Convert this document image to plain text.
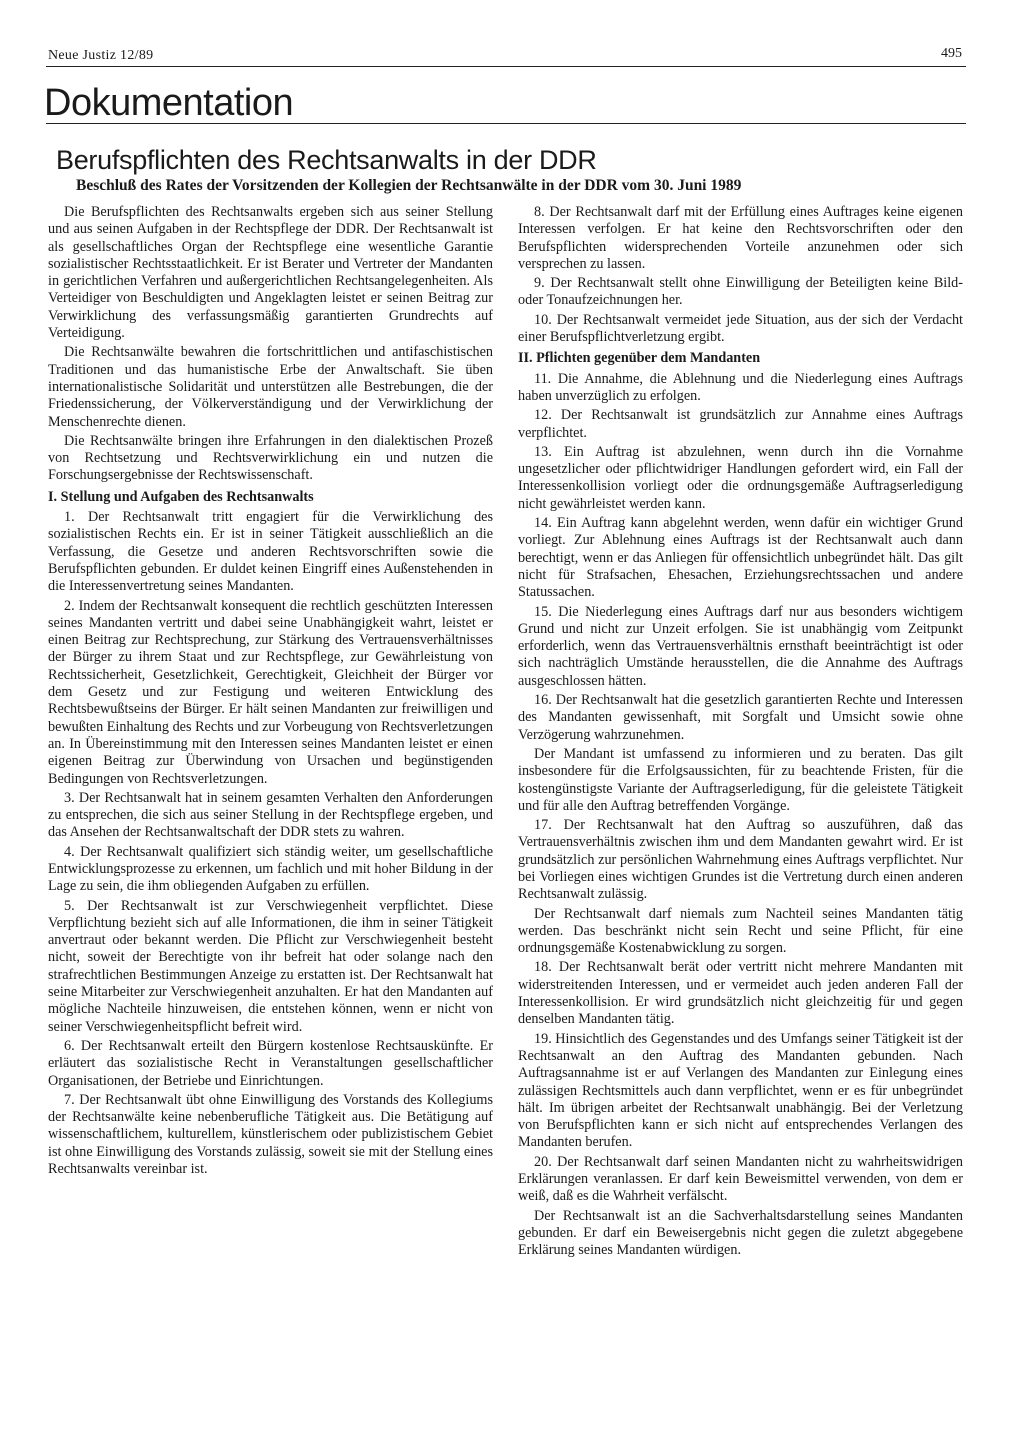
Neue Justiz 12/89	495
Dokumentation
Berufspflichten des Rechtsanwalts in der DDR
Beschluß des Rates der Vorsitzenden der Kollegien der Rechtsanwälte in der DDR vom 30. Juni 1989

Die Berufspflichten des Rechtsanwalts ergeben sich aus seiner Stellung und aus seinen Aufgaben in der Rechtspflege der DDR. Der Rechtsanwalt ist als gesellschaftliches Organ der Rechtspflege eine wesentliche Garantie sozialistischer Rechtsstaatlichkeit. Er ist Berater und Vertreter der Mandanten in gerichtlichen Verfahren und außergerichtlichen Rechtsangelegenheiten. Als Verteidiger von Beschuldigten und Angeklagten leistet er seinen Beitrag zur Verwirklichung des verfassungsmäßig garantierten Grundrechts auf Verteidigung.

Die Rechtsanwälte bewahren die fortschrittlichen und antifaschistischen Traditionen und das humanistische Erbe der Anwaltschaft. Sie üben internationalistische Solidarität und unterstützen alle Bestrebungen, die der Friedenssicherung, der Völkerverständigung und der Verwirklichung der Menschenrechte dienen.

Die Rechtsanwälte bringen ihre Erfahrungen in den dialektischen Prozeß von Rechtsetzung und Rechtsverwirklichung ein und nutzen die Forschungsergebnisse der Rechtswissenschaft.

I. Stellung und Aufgaben des Rechtsanwalts

1. Der Rechtsanwalt tritt engagiert für die Verwirklichung des sozialistischen Rechts ein. Er ist in seiner Tätigkeit ausschließlich an die Verfassung, die Gesetze und anderen Rechtsvorschriften sowie die Berufspflichten gebunden. Er duldet keinen Eingriff eines Außenstehenden in die Interessenvertretung seines Mandanten.

2. Indem der Rechtsanwalt konsequent die rechtlich geschützten Interessen seines Mandanten vertritt und dabei seine Unabhängigkeit wahrt, leistet er einen Beitrag zur Rechtsprechung, zur Stärkung des Vertrauensverhältnisses der Bürger zu ihrem Staat und zur Rechtspflege, zur Gewährleistung von Rechtssicherheit, Gesetzlichkeit, Gerechtigkeit, Gleichheit der Bürger vor dem Gesetz und zur Festigung und weiteren Entwicklung des Rechtsbewußtseins der Bürger. Er hält seinen Mandanten zur freiwilligen und bewußten Einhaltung des Rechts und zur Vorbeugung von Rechtsverletzungen an. In Übereinstimmung mit den Interessen seines Mandanten leistet er einen eigenen Beitrag zur Überwindung von Ursachen und begünstigenden Bedingungen von Rechtsverletzungen.

3. Der Rechtsanwalt hat in seinem gesamten Verhalten den Anforderungen zu entsprechen, die sich aus seiner Stellung in der Rechtspflege ergeben, und das Ansehen der Rechtsanwaltschaft der DDR stets zu wahren.

4. Der Rechtsanwalt qualifiziert sich ständig weiter, um gesellschaftliche Entwicklungsprozesse zu erkennen, um fachlich und mit hoher Bildung in der Lage zu sein, die ihm obliegenden Aufgaben zu erfüllen.

5. Der Rechtsanwalt ist zur Verschwiegenheit verpflichtet. Diese Verpflichtung bezieht sich auf alle Informationen, die ihm in seiner Tätigkeit anvertraut oder bekannt werden. Die Pflicht zur Verschwiegenheit besteht nicht, soweit der Berechtigte von ihr befreit hat oder solange nach den strafrechtlichen Bestimmungen Anzeige zu erstatten ist. Der Rechtsanwalt hat seine Mitarbeiter zur Verschwiegenheit anzuhalten. Er hat den Mandanten auf mögliche Nachteile hinzuweisen, die entstehen können, wenn er nicht von seiner Verschwiegenheitspflicht befreit wird.

6. Der Rechtsanwalt erteilt den Bürgern kostenlose Rechtsauskünfte. Er erläutert das sozialistische Recht in Veranstaltungen gesellschaftlicher Organisationen, der Betriebe und Einrichtungen.

7. Der Rechtsanwalt übt ohne Einwilligung des Vorstands des Kollegiums der Rechtsanwälte keine nebenberufliche Tätigkeit aus. Die Betätigung auf wissenschaftlichem, kulturellem, künstlerischem oder publizistischem Gebiet ist ohne Einwilligung des Vorstands zulässig, soweit sie mit der Stellung eines Rechtsanwalts vereinbar ist.

8. Der Rechtsanwalt darf mit der Erfüllung eines Auftrages keine eigenen Interessen verfolgen. Er hat keine den Rechtsvorschriften oder den Berufspflichten widersprechenden Vorteile anzunehmen oder sich versprechen zu lassen.

9. Der Rechtsanwalt stellt ohne Einwilligung der Beteiligten keine Bild- oder Tonaufzeichnungen her.

10. Der Rechtsanwalt vermeidet jede Situation, aus der sich der Verdacht einer Berufspflichtverletzung ergibt.

II. Pflichten gegenüber dem Mandanten

11. Die Annahme, die Ablehnung und die Niederlegung eines Auftrags haben unverzüglich zu erfolgen.

12. Der Rechtsanwalt ist grundsätzlich zur Annahme eines Auftrags verpflichtet.

13. Ein Auftrag ist abzulehnen, wenn durch ihn die Vornahme ungesetzlicher oder pflichtwidriger Handlungen gefordert wird, ein Fall der Interessenkollision vorliegt oder die ordnungsgemäße Auftragserledigung nicht gewährleistet werden kann.

14. Ein Auftrag kann abgelehnt werden, wenn dafür ein wichtiger Grund vorliegt. Zur Ablehnung eines Auftrags ist der Rechtsanwalt auch dann berechtigt, wenn er das Anliegen für offensichtlich unbegründet hält. Das gilt nicht für Strafsachen, Ehesachen, Erziehungsrechtssachen und andere Statussachen.

15. Die Niederlegung eines Auftrags darf nur aus besonders wichtigem Grund und nicht zur Unzeit erfolgen. Sie ist unabhängig vom Zeitpunkt erforderlich, wenn das Vertrauensverhältnis ernsthaft beeinträchtigt ist oder sich nachträglich Umstände herausstellen, die die Annahme des Auftrags ausgeschlossen hätten.

16. Der Rechtsanwalt hat die gesetzlich garantierten Rechte und Interessen des Mandanten gewissenhaft, mit Sorgfalt und Umsicht sowie ohne Verzögerung wahrzunehmen.

Der Mandant ist umfassend zu informieren und zu beraten. Das gilt insbesondere für die Erfolgsaussichten, für zu beachtende Fristen, für die kostengünstigste Variante der Auftragserledigung, für die geleistete Tätigkeit und für alle den Auftrag betreffenden Vorgänge.

17. Der Rechtsanwalt hat den Auftrag so auszuführen, daß das Vertrauensverhältnis zwischen ihm und dem Mandanten gewahrt wird. Er ist grundsätzlich zur persönlichen Wahrnehmung eines Auftrags verpflichtet. Nur bei Vorliegen eines wichtigen Grundes ist die Vertretung durch einen anderen Rechtsanwalt zulässig.

Der Rechtsanwalt darf niemals zum Nachteil seines Mandanten tätig werden. Das beschränkt nicht sein Recht und seine Pflicht, für eine ordnungsgemäße Kostenabwicklung zu sorgen.

18. Der Rechtsanwalt berät oder vertritt nicht mehrere Mandanten mit widerstreitenden Interessen, und er vermeidet auch jeden anderen Fall der Interessenkollision. Er wird grundsätzlich nicht gleichzeitig für und gegen denselben Mandanten tätig.

19. Hinsichtlich des Gegenstandes und des Umfangs seiner Tätigkeit ist der Rechtsanwalt an den Auftrag des Mandanten gebunden. Nach Auftragsannahme ist er auf Verlangen des Mandanten zur Einlegung eines zulässigen Rechtsmittels auch dann verpflichtet, wenn er es für unbegründet hält. Im übrigen arbeitet der Rechtsanwalt unabhängig. Bei der Verletzung von Berufspflichten kann er sich nicht auf entsprechendes Verlangen des Mandanten berufen.

20. Der Rechtsanwalt darf seinen Mandanten nicht zu wahrheitswidrigen Erklärungen veranlassen. Er darf kein Beweismittel verwenden, von dem er weiß, daß es die Wahrheit verfälscht.

Der Rechtsanwalt ist an die Sachverhaltsdarstellung seines Mandanten gebunden. Er darf ein Beweisergebnis nicht gegen die zuletzt abgegebene Erklärung seines Mandanten würdigen.
